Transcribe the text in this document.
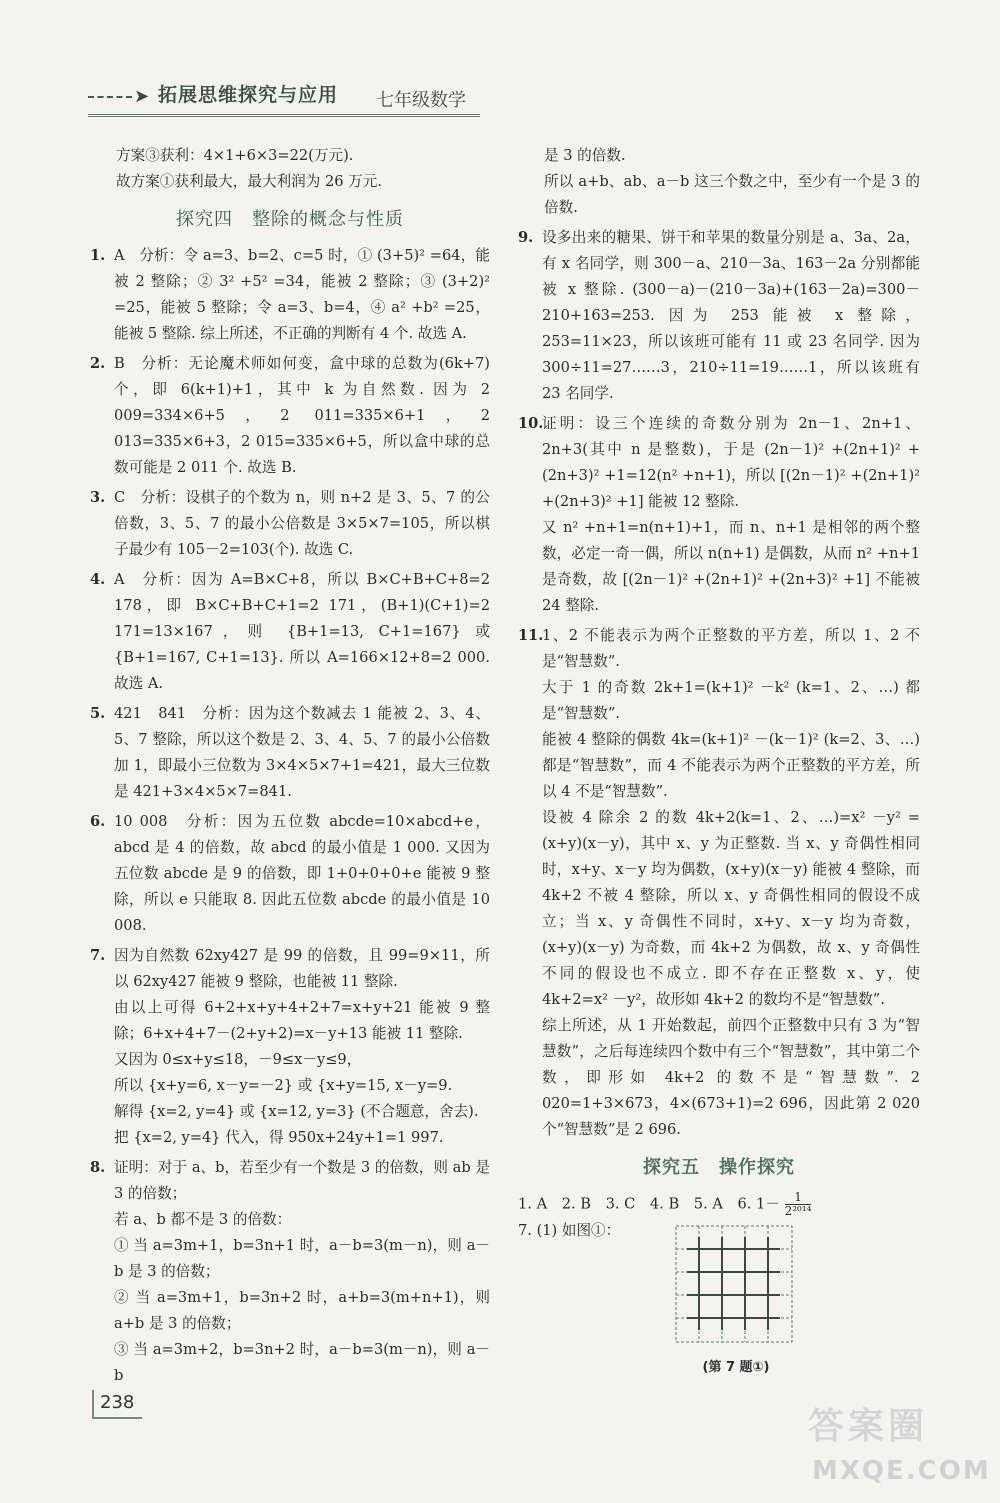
➤ 拓展思维探究与应用 七年级数学

方案③获利：4×1+6×3=22(万元).

故方案①获利最大，最大利润为 26 万元.

探究四　整除的概念与性质
1. A　分析：令 a=3、b=2、c=5 时，① (3+5)² =64，能被 2 整除；② 3² +5² =34，能被 2 整除；③ (3+2)² =25，能被 5 整除；令 a=3、b=4，④ a² +b² =25，能被 5 整除. 综上所述，不正确的判断有 4 个. 故选 A.

2. B　分析：无论魔术师如何变，盒中球的总数为(6k+7)个，即 6(k+1)+1，其中 k 为自然数. 因为 2 009=334×6+5，2 011=335×6+1，2 013=335×6+3，2 015=335×6+5，所以盒中球的总数可能是 2 011 个. 故选 B.

3. C　分析：设棋子的个数为 n，则 n+2 是 3、5、7 的公倍数，3、5、7 的最小公倍数是 3×5×7=105，所以棋子最少有 105－2=103(个). 故选 C.

4. A　分析：因为 A=B×C+8，所以 B×C+B+C+8=2 178，即 B×C+B+C+1=2 171，(B+1)(C+1)=2 171=13×167，则 {B+1=13, C+1=167} 或 {B+1=167, C+1=13}. 所以 A=166×12+8=2 000. 故选 A.

5. 421　841　分析：因为这个数减去 1 能被 2、3、4、5、7 整除，所以这个数是 2、3、4、5、7 的最小公倍数加 1，即最小三位数为 3×4×5×7+1=421，最大三位数是 421+3×4×5×7=841.

6. 10 008　分析：因为五位数 abcde=10×abcd+e，abcd 是 4 的倍数，故 abcd 的最小值是 1 000. 又因为五位数 abcde 是 9 的倍数，即 1+0+0+0+e 能被 9 整除，所以 e 只能取 8. 因此五位数 abcde 的最小值是 10 008.

7. 因为自然数 62xy427 是 99 的倍数，且 99=9×11，所以 62xy427 能被 9 整除，也能被 11 整除.

由以上可得 6+2+x+y+4+2+7=x+y+21 能被 9 整除；6+x+4+7－(2+y+2)=x－y+13 能被 11 整除.

又因为 0≤x+y≤18，－9≤x－y≤9，

所以 {x+y=6, x－y=－2} 或 {x+y=15, x－y=9.

解得 {x=2, y=4} 或 {x=12, y=3} (不合题意，舍去).

把 {x=2, y=4} 代入，得 950x+24y+1=1 997.

8. 证明：对于 a、b，若至少有一个数是 3 的倍数，则 ab 是 3 的倍数；

若 a、b 都不是 3 的倍数：

① 当 a=3m+1，b=3n+1 时，a－b=3(m－n)，则 a－b 是 3 的倍数；

② 当 a=3m+1，b=3n+2 时，a+b=3(m+n+1)，则 a+b 是 3 的倍数；

③ 当 a=3m+2，b=3n+2 时，a－b=3(m－n)，则 a－b

是 3 的倍数.

所以 a+b、ab、a－b 这三个数之中，至少有一个是 3 的倍数.

9. 设多出来的糖果、饼干和苹果的数量分别是 a、3a、2a，有 x 名同学，则 300－a、210－3a、163－2a 分别都能被 x 整除. (300－a)－(210－3a)+(163－2a)=300－210+163=253. 因为 253 能被 x 整除，253=11×23，所以该班可能有 11 或 23 名同学. 因为 300÷11=27……3，210÷11=19……1，所以该班有 23 名同学.

10.

证明：设三个连续的奇数分别为 2n－1、2n+1、2n+3(其中 n 是整数)，于是 (2n－1)² +(2n+1)² +(2n+3)² +1=12(n² +n+1)，所以 [(2n－1)² +(2n+1)² +(2n+3)² +1] 能被 12 整除.

又 n² +n+1=n(n+1)+1，而 n、n+1 是相邻的两个整数，必定一奇一偶，所以 n(n+1) 是偶数，从而 n² +n+1 是奇数，故 [(2n－1)² +(2n+1)² +(2n+3)² +1] 不能被 24 整除.

11.

1、2 不能表示为两个正整数的平方差，所以 1、2 不是“智慧数”.

大于 1 的奇数 2k+1=(k+1)² －k² (k=1、2、…) 都是“智慧数”.

能被 4 整除的偶数 4k=(k+1)² －(k－1)² (k=2、3、…) 都是“智慧数”，而 4 不能表示为两个正整数的平方差，所以 4 不是“智慧数”.

设被 4 除余 2 的数 4k+2(k=1、2、…)=x² －y² =(x+y)(x－y)，其中 x、y 为正整数. 当 x、y 奇偶性相同时，x+y、x－y 均为偶数，(x+y)(x－y) 能被 4 整除，而 4k+2 不被 4 整除，所以 x、y 奇偶性相同的假设不成立；当 x、y 奇偶性不同时，x+y、x－y 均为奇数，(x+y)(x－y) 为奇数，而 4k+2 为偶数，故 x、y 奇偶性不同的假设也不成立. 即不存在正整数 x、y，使 4k+2=x² －y²，故形如 4k+2 的数均不是“智慧数”.

综上所述，从 1 开始数起，前四个正整数中只有 3 为“智慧数”，之后每连续四个数中有三个“智慧数”，其中第二个数，即形如 4k+2 的数不是“智慧数”. 2 020=1+3×673，4×(673+1)=2 696，因此第 2 020 个“智慧数”是 2 696.

探究五　操作探究

1. A　2. B　3. C　4. B　5. A　6. $1- \frac{1}{\text{2²⁰¹⁴}}$

7. (1) 如图①：

(第 7 题①)
238
答案圈
MXQE.COM
